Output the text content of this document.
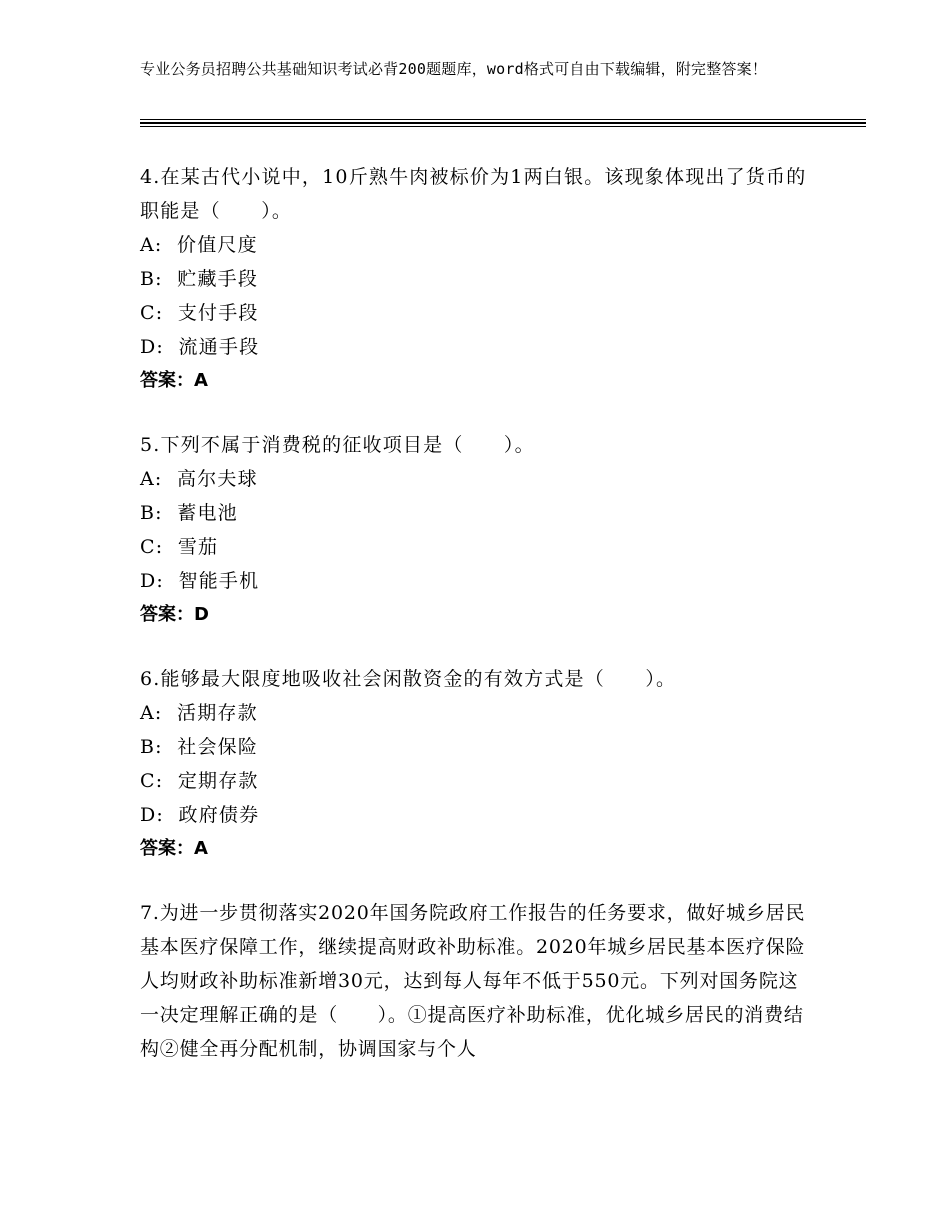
专业公务员招聘公共基础知识考试必背200题题库，word格式可自由下载编辑，附完整答案！

4.在某古代小说中，10斤熟牛肉被标价为1两白银。该现象体现出了货币的职能是（　　）。

A:  价值尺度

B:  贮藏手段

C:  支付手段

D:  流通手段

答案：A

5.下列不属于消费税的征收项目是（　　）。

A:  高尔夫球

B:  蓄电池

C:  雪茄

D:  智能手机

答案：D

6.能够最大限度地吸收社会闲散资金的有效方式是（　　）。

A:  活期存款

B:  社会保险

C:  定期存款

D:  政府债券

答案：A

7.为进一步贯彻落实2020年国务院政府工作报告的任务要求，做好城乡居民基本医疗保障工作，继续提高财政补助标准。2020年城乡居民基本医疗保险人均财政补助标准新增30元，达到每人每年不低于550元。下列对国务院这一决定理解正确的是（　　）。①提高医疗补助标准，优化城乡居民的消费结构②健全再分配机制，协调国家与个人
